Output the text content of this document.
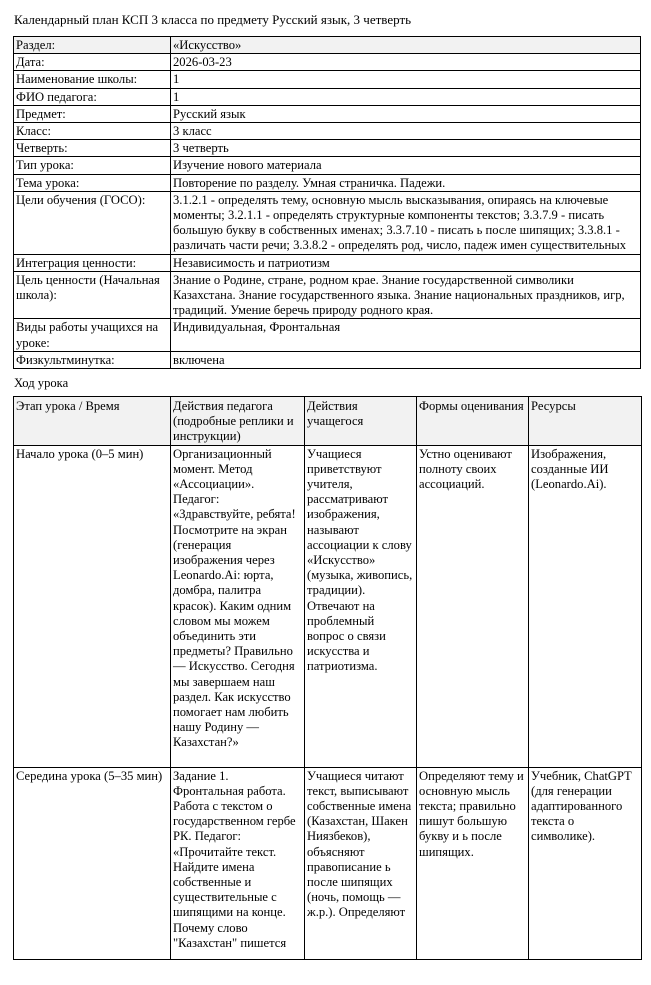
Календарный план КСП 3 класса по предмету Русский язык, 3 четверть
Раздел:	«Искусство»
Дата:	2026-03-23
Наименование школы:	1
ФИО педагога:	1
Предмет:	Русский язык
Класс:	3 класс
Четверть:	3 четверть
Тип урока:	Изучение нового материала
Тема урока:	Повторение по разделу. Умная страничка. Падежи.
Цели обучения (ГОСО):	3.1.2.1 - определять тему, основную мысль высказывания, опираясь на ключевые моменты; 3.2.1.1 - определять структурные компоненты текстов; 3.3.7.9 - писать большую букву в собственных именах; 3.3.7.10 - писать ь после шипящих; 3.3.8.1 - различать части речи; 3.3.8.2 - определять род, число, падеж имен существительных
Интеграция ценности:	Независимость и патриотизм
Цель ценности (Начальная школа):	Знание о Родине, стране, родном крае. Знание государственной символики Казахстана. Знание государственного языка. Знание национальных праздников, игр, традиций. Умение беречь природу родного края.
Виды работы учащихся на уроке:	Индивидуальная, Фронтальная
Физкультминутка:	включена
Ход урока
Этап урока / Время	Действия педагога (подробные реплики и инструкции)	Действия учащегося	Формы оценивания	Ресурсы
Начало урока (0–5 мин)	Организационный момент. Метод «Ассоциации». Педагог: «Здравствуйте, ребята! Посмотрите на экран (генерация изображения через Leonardo.Ai: юрта, домбра, палитра красок). Каким одним словом мы можем объединить эти предметы? Правильно — Искусство. Сегодня мы завершаем наш раздел. Как искусство помогает нам любить нашу Родину — Казахстан?»	Учащиеся приветствуют учителя, рассматривают изображения, называют ассоциации к слову «Искусство» (музыка, живопись, традиции). Отвечают на проблемный вопрос о связи искусства и патриотизма.	Устно оценивают полноту своих ассоциаций.	Изображения, созданные ИИ (Leonardo.Ai).
Середина урока (5–35 мин)	Задание 1. Фронтальная работа. Работа с текстом о государственном гербе РК. Педагог: «Прочитайте текст. Найдите имена собственные и существительные с шипящими на конце. Почему слово "Казахстан" пишется	Учащиеся читают текст, выписывают собственные имена (Казахстан, Шакен Ниязбеков), объясняют правописание ь после шипящих (ночь, помощь — ж.р.). Определяют	Определяют тему и основную мысль текста; правильно пишут большую букву и ь после шипящих.	Учебник, ChatGPT (для генерации адаптированного текста о символике).
